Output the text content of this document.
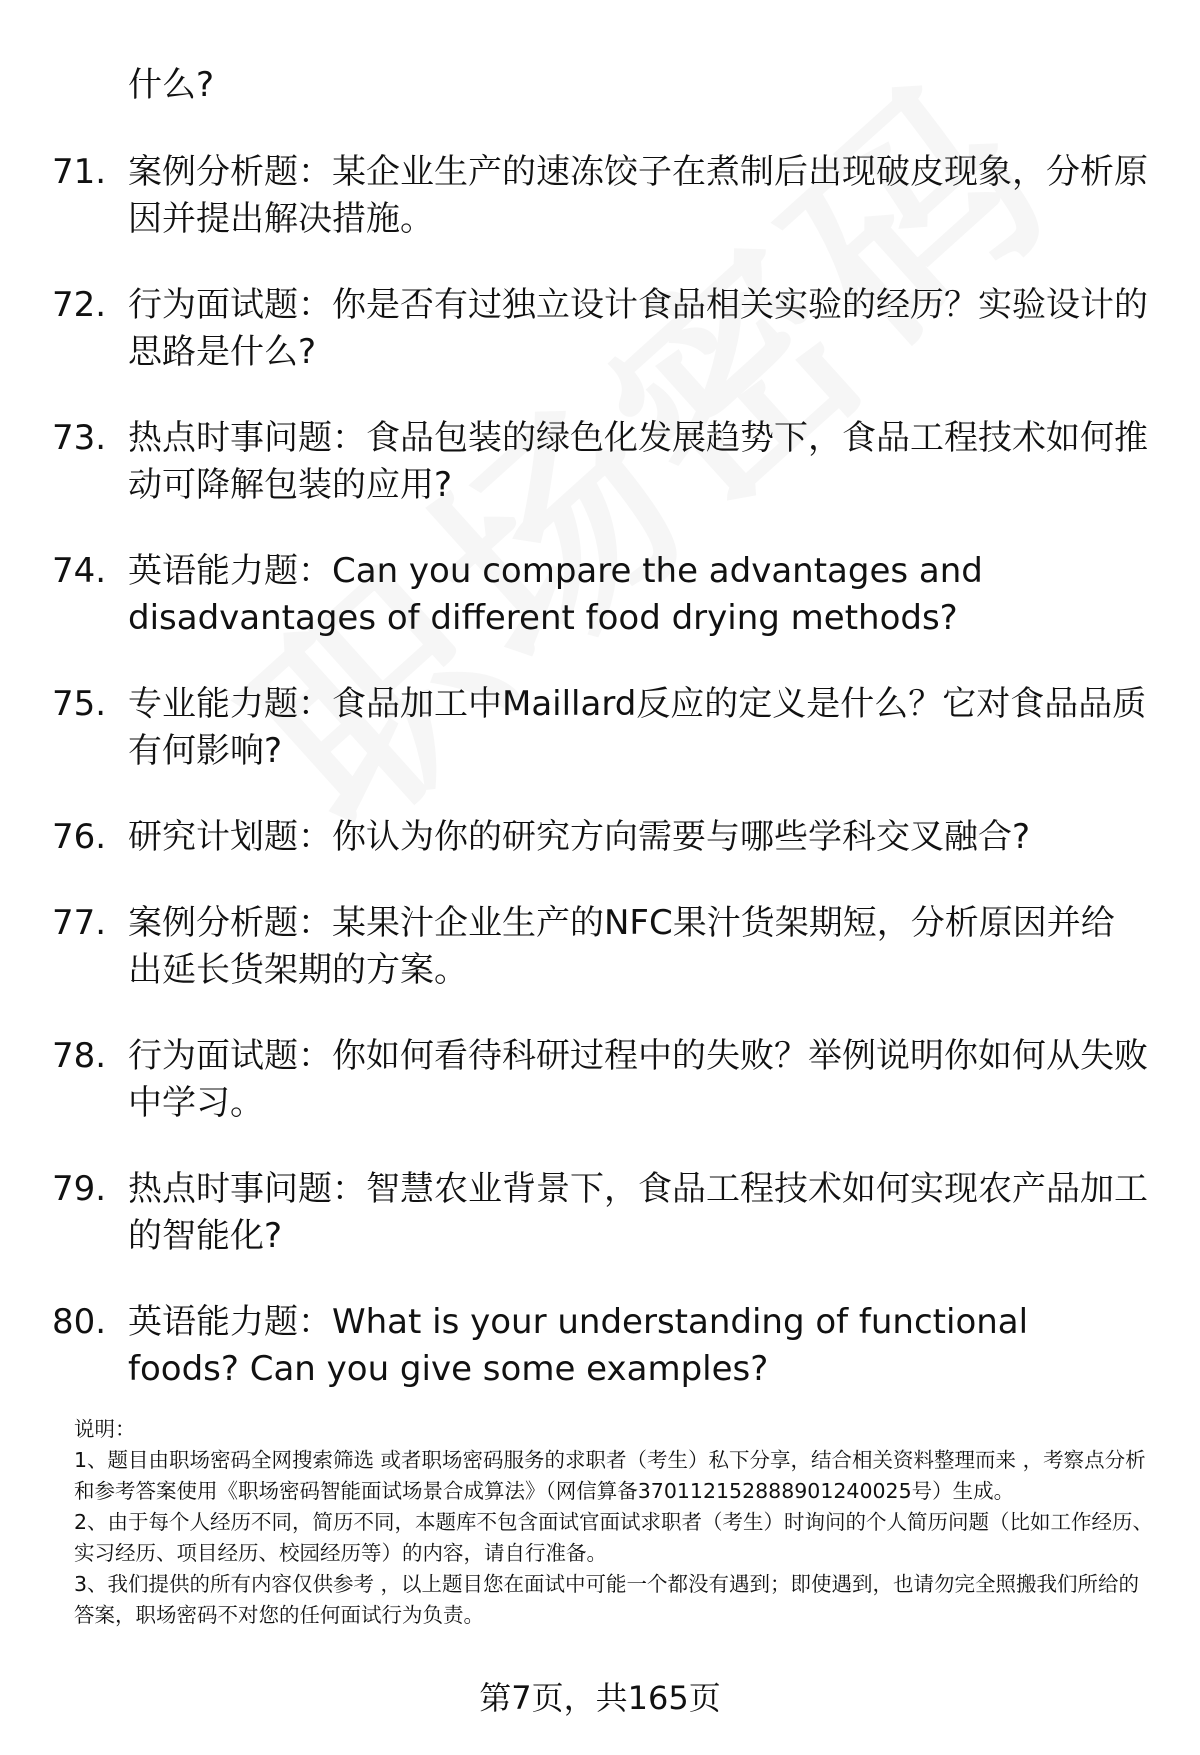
什么?
71. 案例分析题：某企业生产的速冻饺子在煮制后出现破皮现象，分析原因并提出解决措施。
72. 行为面试题：你是否有过独立设计食品相关实验的经历？实验设计的思路是什么?
73. 热点时事问题：食品包装的绿色化发展趋势下，食品工程技术如何推动可降解包装的应用?
74. 英语能力题：Can you compare the advantages and disadvantages of different food drying methods?
75. 专业能力题：食品加工中Maillard反应的定义是什么？它对食品品质有何影响?
76. 研究计划题：你认为你的研究方向需要与哪些学科交叉融合?
77. 案例分析题：某果汁企业生产的NFC果汁货架期短，分析原因并给出延长货架期的方案。
78. 行为面试题：你如何看待科研过程中的失败？举例说明你如何从失败中学习。
79. 热点时事问题：智慧农业背景下，食品工程技术如何实现农产品加工的智能化?
80. 英语能力题：What is your understanding of functional foods? Can you give some examples?

说明：

1、题目由职场密码全网搜索筛选 或者职场密码服务的求职者（考生）私下分享，结合相关资料整理而来 ，考察点分析和参考答案使用《职场密码智能面试场景合成算法》（网信算备370112152888901240025号）生成。

2、由于每个人经历不同，简历不同，本题库不包含面试官面试求职者（考生）时询问的个人简历问题（比如工作经历、实习经历、项目经历、校园经历等）的内容，请自行准备。

3、我们提供的所有内容仅供参考 ，以上题目您在面试中可能一个都没有遇到；即使遇到，也请勿完全照搬我们所给的答案，职场密码不对您的任何面试行为负责。

第7页，共165页
